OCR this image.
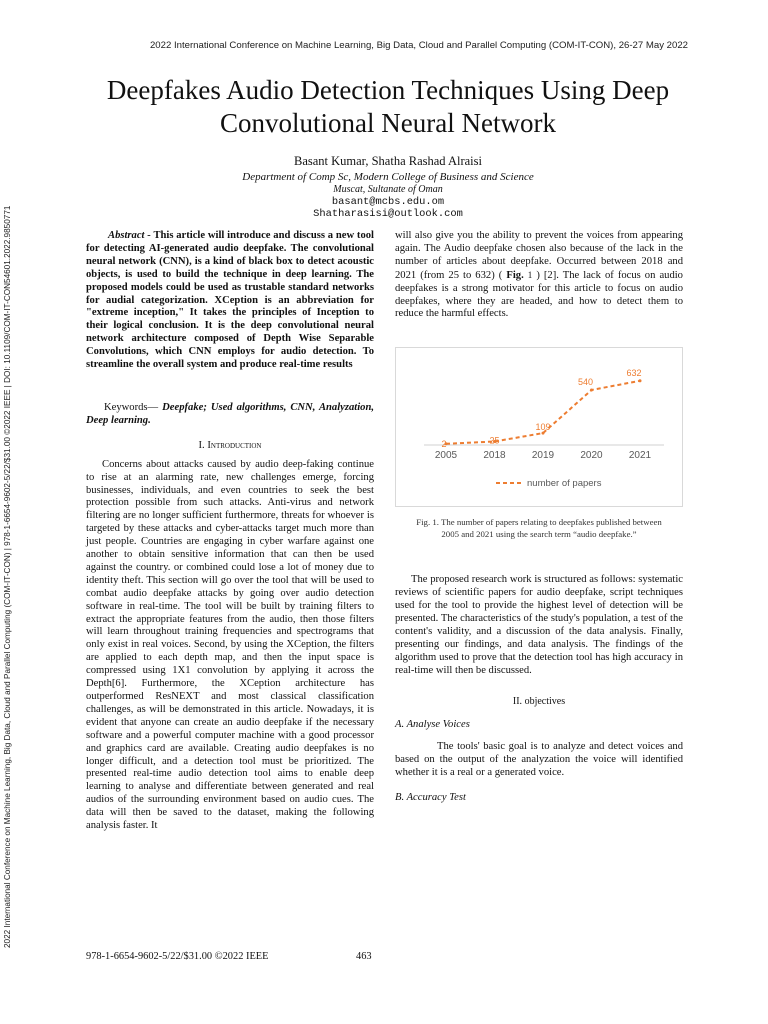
2022 International Conference on Machine Learning, Big Data, Cloud and Parallel Computing (COM-IT-CON) | 978-1-6654-9602-5/22/$31.00 ©2022 IEEE | DOI: 10.1109/COM-IT-CON54601.2022.9850771
2022 International Conference on Machine Learning, Big Data, Cloud and Parallel Computing (COM-IT-CON), 26-27 May 2022
Deepfakes Audio Detection Techniques Using Deep Convolutional Neural Network
Basant Kumar, Shatha Rashad Alraisi
Department of Comp Sc, Modern College of Business and Science
Muscat, Sultanate of Oman
basant@mcbs.edu.om
Shatharasisi@outlook.com

Abstract - This article will introduce and discuss a new tool for detecting AI-generated audio deepfake. The convolutional neural network (CNN), is a kind of black box to detect acoustic objects, is used to build the technique in deep learning. The proposed models could be used as trustable standard networks for audial categorization. XCeption is an abbreviation for "extreme inception," It takes the principles of Inception to their logical conclusion. It is the deep convolutional neural network architecture composed of Depth Wise Separable Convolutions, which CNN employs for audio detection. To streamline the overall system and produce real-time results

Keywords— Deepfake; Used algorithms, CNN, Analyzation, Deep learning.

I. Introduction

Concerns about attacks caused by audio deep-faking continue to rise at an alarming rate, new challenges emerge, forcing businesses, individuals, and even countries to seek the best protection possible from such attacks. Anti-virus and network filtering are no longer sufficient furthermore, threats for whoever is targeted by these attacks and cyber-attacks target much more than just people. Countries are engaging in cyber warfare against one another to obtain sensitive information that can then be used against the country. or combined could lose a lot of money due to identity theft. This section will go over the tool that will be used to combat audio deepfake attacks by going over audio detection software in real-time. The tool will be built by training filters to extract the appropriate features from the audio, then those filters will learn throughout training frequencies and spectrograms that only exist in real voices. Second, by using the XCeption, the filters are applied to each depth map, and then the input space is compressed using 1X1 convolution by applying it across the Depth[6]. Furthermore, the XCeption architecture has outperformed ResNEXT and most classical classification challenges, as will be demonstrated in this article. Nowadays, it is evident that anyone can create an audio deepfake if the necessary software and a powerful computer machine with a good processor and graphics card are available. Creating audio deepfakes is no longer difficult, and a detection tool must be prioritized. The presented real-time audio detection tool aims to enable deep learning to analyse and differentiate between generated and real audios of the surrounding environment based on audio cues. The data will then be saved to the dataset, making the following analysis faster. It

will also give you the ability to prevent the voices from appearing again. The Audio deepfake chosen also because of the lack in the number of articles about deepfake. Occurred between 2018 and 2021 (from 25 to 632) ( Fig. 1 ) [2]. The lack of focus on audio deepfakes is a strong motivator for this article to focus on audio deepfakes, where they are headed, and how to detect them to reduce the harmful effects.

2	25
109
540
632
2005	2018	2019	2020	2021
number of papers
Fig. 1. The number of papers relating to deepfakes published between 2005 and 2021 using the search term “audio deepfake.”

The proposed research work is structured as follows: systematic reviews of scientific papers for audio deepfake, script techniques used for the tool to provide the highest level of detection will be presented. The characteristics of the study's population, a test of the content's validity, and a discussion of the data analysis. Finally, presenting our findings, and data analysis. The findings of the algorithm used to prove that the detection tool has high accuracy in real-time will then be discussed.

II. objectives
A. Analyse Voices

The tools' basic goal is to analyze and detect voices and based on the output of the analyzation the voice will identified whether it is a real or a generated voice.

B. Accuracy Test
978-1-6654-9602-5/22/$31.00 ©2022 IEEE	463
